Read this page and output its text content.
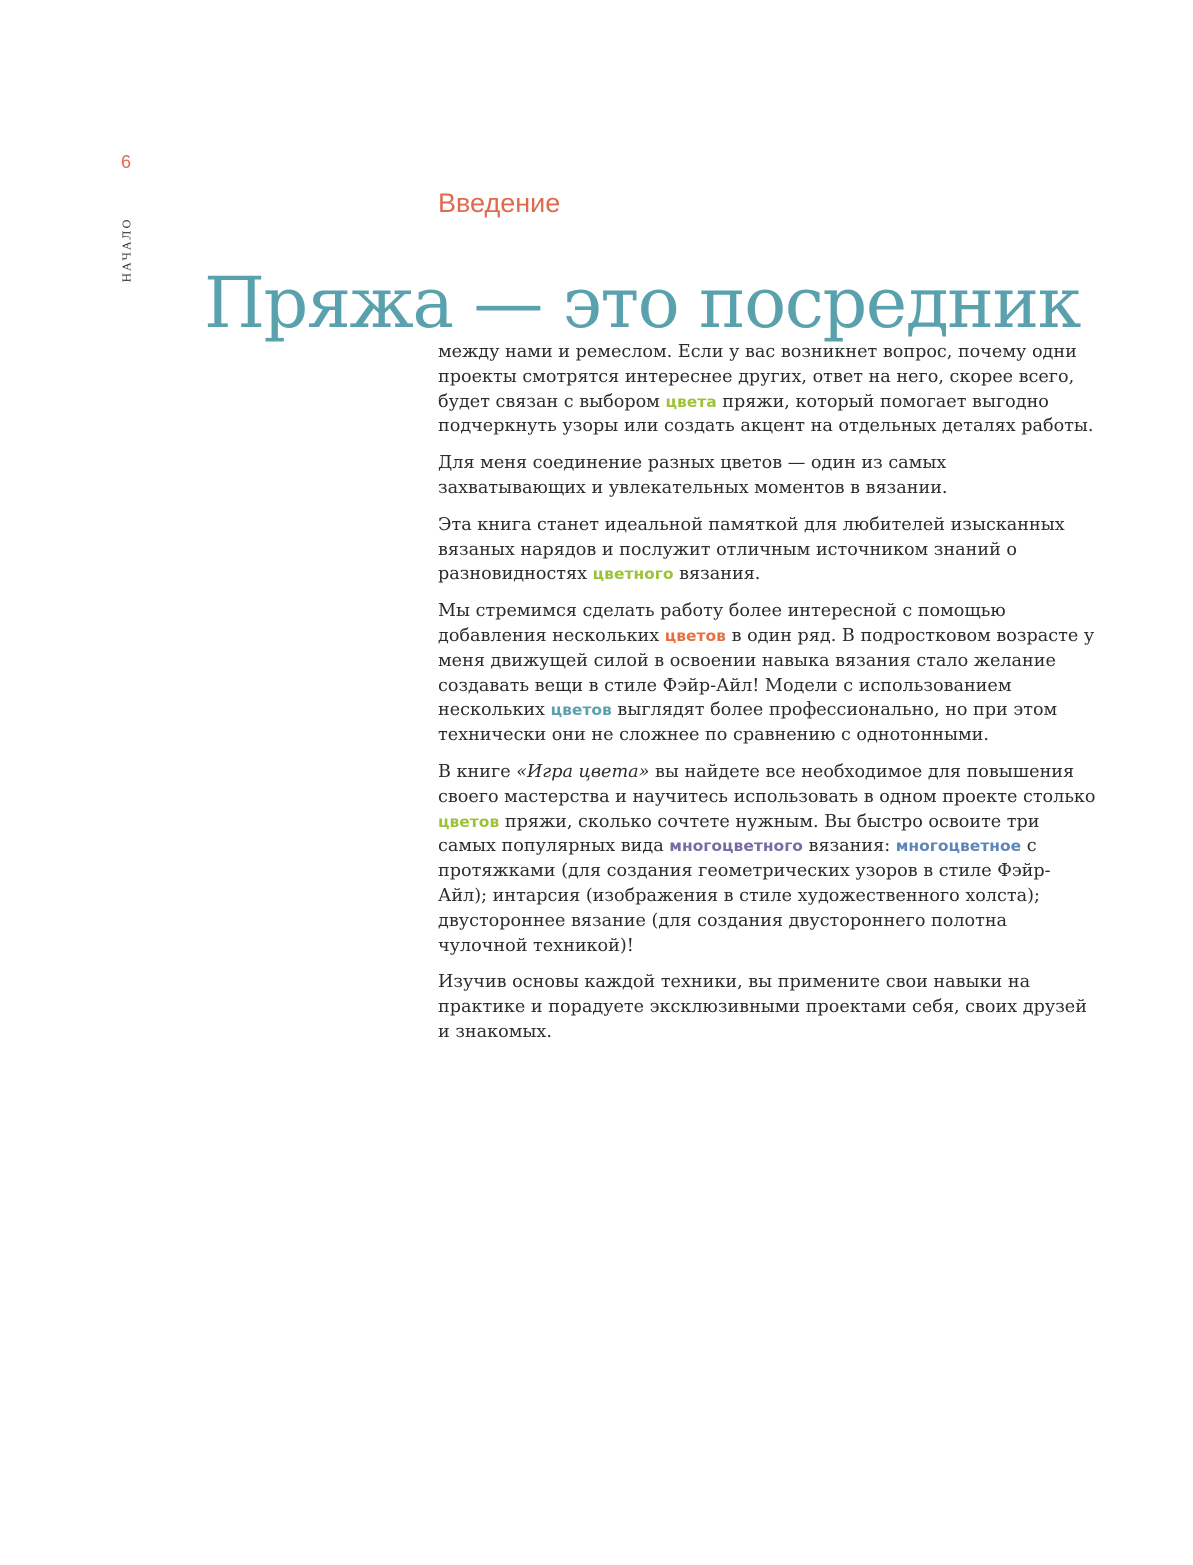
6
НАЧАЛО
Введение
Пряжа — это посредник

между нами и ремеслом. Если у вас возникнет вопрос, почему одни проекты смотрятся интереснее других, ответ на него, скорее всего, будет связан с выбором цвета пряжи, который помогает выгодно подчеркнуть узоры или создать акцент на отдельных деталях работы.

Для меня соединение разных цветов — один из самых захватывающих и увлекательных моментов в вязании.

Эта книга станет идеальной памяткой для любителей изысканных вязаных нарядов и послужит отличным источником знаний о разновидностях цветного вязания.

Мы стремимся сделать работу более интересной с помощью добавления нескольких цветов в один ряд. В подростковом возрасте у меня движущей силой в освоении навыка вязания стало желание создавать вещи в стиле Фэйр-Айл! Модели с использованием нескольких цветов выглядят более профессионально, но при этом технически они не сложнее по сравнению с однотонными.

В книге «Игра цвета» вы найдете все необходимое для повышения своего мастерства и научитесь использовать в одном проекте столько цветов пряжи, сколько сочтете нужным. Вы быстро освоите три самых популярных вида многоцветного вязания: многоцветное с протяжками (для создания геометрических узоров в стиле Фэйр-Айл); интарсия (изображения в стиле художественного холста); двустороннее вязание (для создания двустороннего полотна чулочной техникой)!

Изучив основы каждой техники, вы примените свои навыки на практике и порадуете эксклюзивными проектами себя, своих друзей и знакомых.
